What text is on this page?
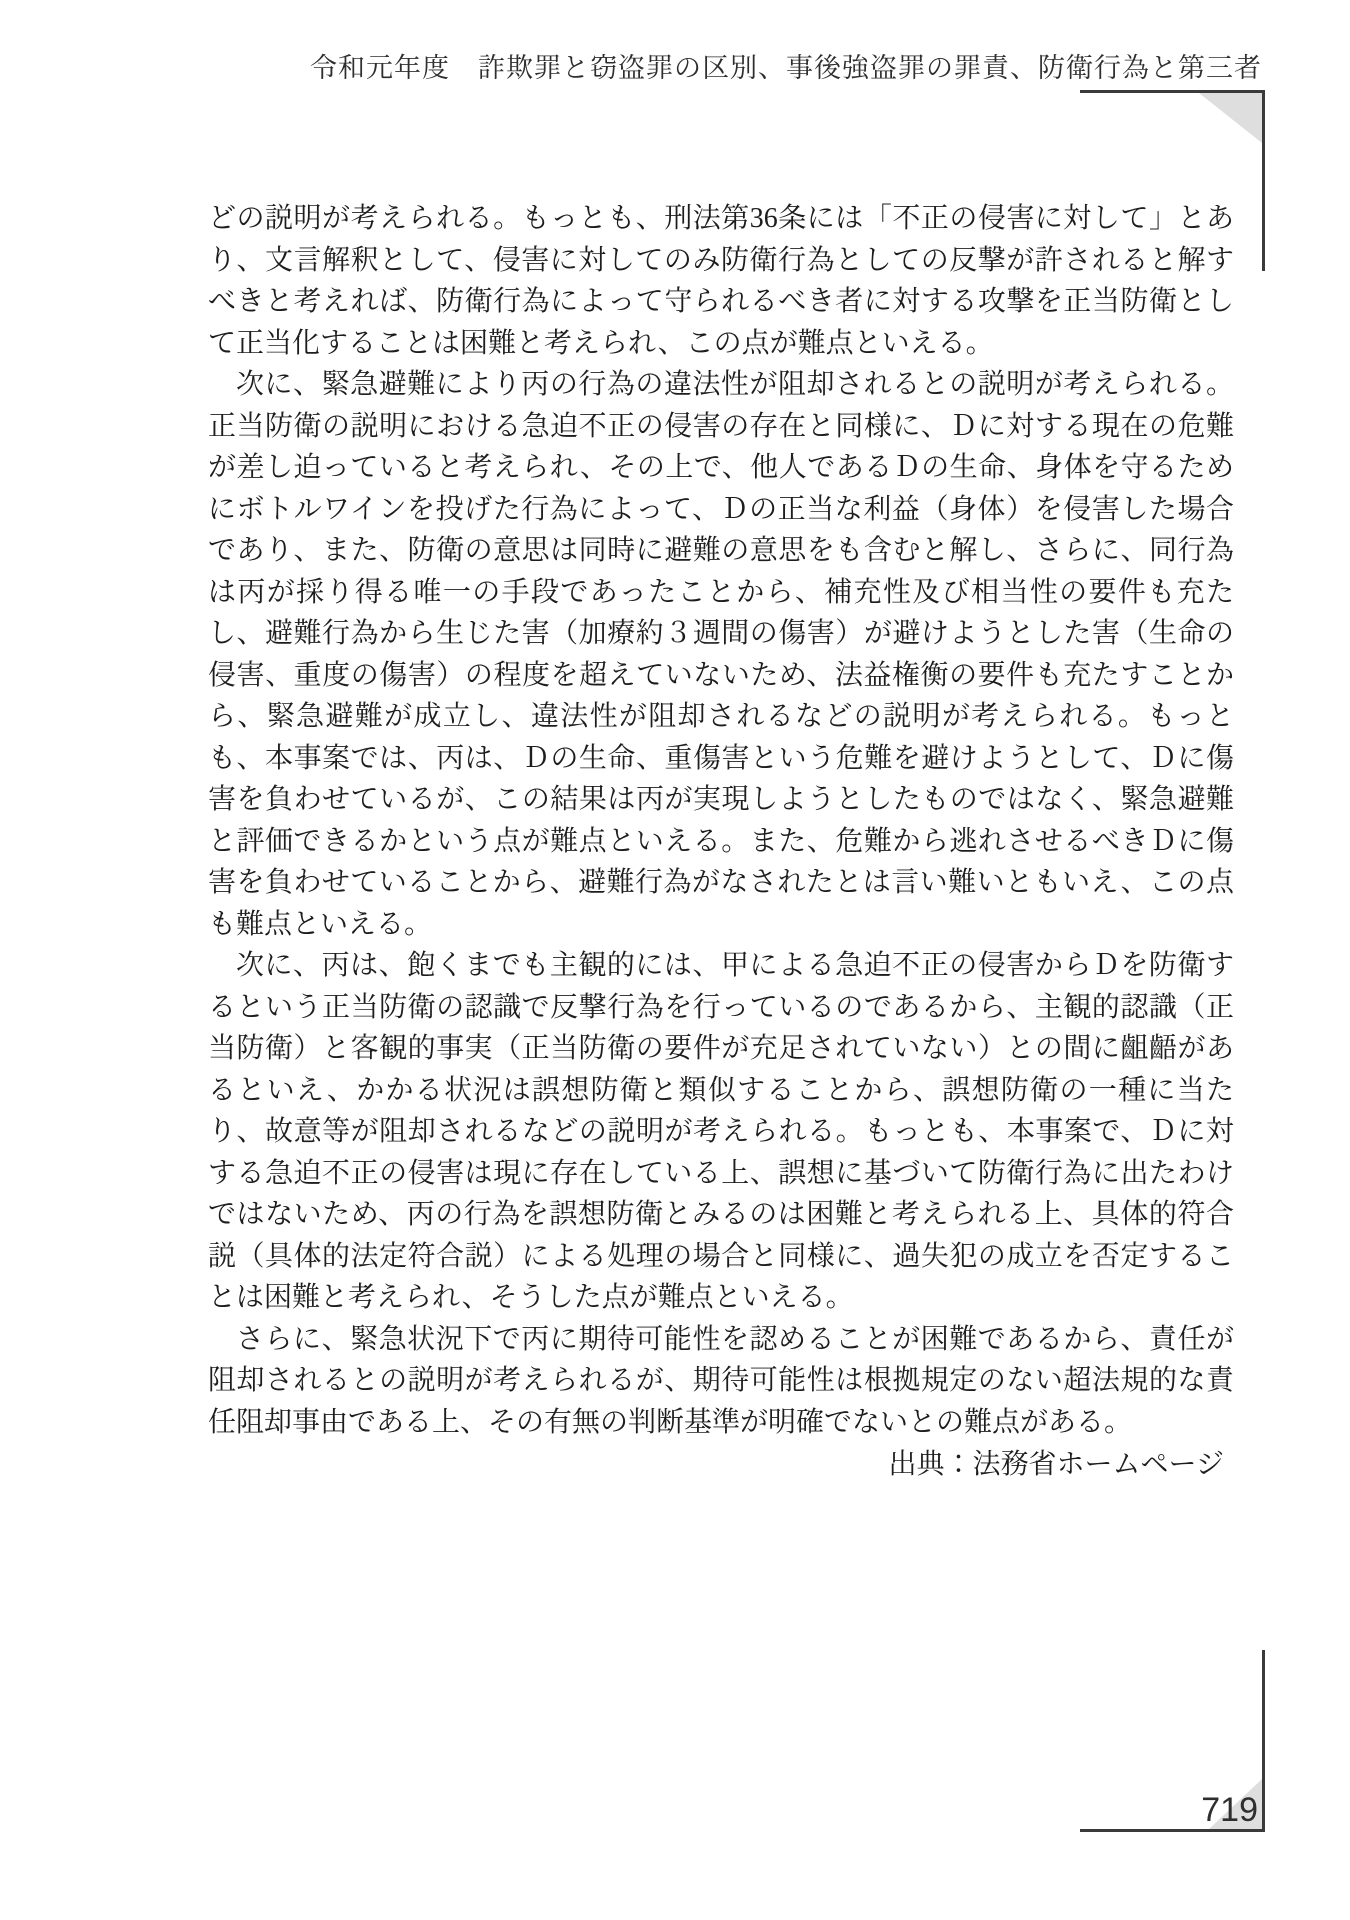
令和元年度　詐欺罪と窃盗罪の区別、事後強盗罪の罪責、防衛行為と第三者

どの説明が考えられる。もっとも、刑法第36条には「不正の侵害に対して」とあり、文言解釈として、侵害に対してのみ防衛行為としての反撃が許されると解すべきと考えれば、防衛行為によって守られるべき者に対する攻撃を正当防衛として正当化することは困難と考えられ、この点が難点といえる。

次に、緊急避難により丙の行為の違法性が阻却されるとの説明が考えられる。正当防衛の説明における急迫不正の侵害の存在と同様に、Ｄに対する現在の危難が差し迫っていると考えられ、その上で、他人であるＤの生命、身体を守るためにボトルワインを投げた行為によって、Ｄの正当な利益（身体）を侵害した場合であり、また、防衛の意思は同時に避難の意思をも含むと解し、さらに、同行為は丙が採り得る唯一の手段であったことから、補充性及び相当性の要件も充たし、避難行為から生じた害（加療約３週間の傷害）が避けようとした害（生命の侵害、重度の傷害）の程度を超えていないため、法益権衡の要件も充たすことから、緊急避難が成立し、違法性が阻却されるなどの説明が考えられる。もっとも、本事案では、丙は、Ｄの生命、重傷害という危難を避けようとして、Ｄに傷害を負わせているが、この結果は丙が実現しようとしたものではなく、緊急避難と評価できるかという点が難点といえる。また、危難から逃れさせるべきＤに傷害を負わせていることから、避難行為がなされたとは言い難いともいえ、この点も難点といえる。

次に、丙は、飽くまでも主観的には、甲による急迫不正の侵害からＤを防衛するという正当防衛の認識で反撃行為を行っているのであるから、主観的認識（正当防衛）と客観的事実（正当防衛の要件が充足されていない）との間に齟齬があるといえ、かかる状況は誤想防衛と類似することから、誤想防衛の一種に当たり、故意等が阻却されるなどの説明が考えられる。もっとも、本事案で、Ｄに対する急迫不正の侵害は現に存在している上、誤想に基づいて防衛行為に出たわけではないため、丙の行為を誤想防衛とみるのは困難と考えられる上、具体的符合説（具体的法定符合説）による処理の場合と同様に、過失犯の成立を否定することは困難と考えられ、そうした点が難点といえる。

さらに、緊急状況下で丙に期待可能性を認めることが困難であるから、責任が阻却されるとの説明が考えられるが、期待可能性は根拠規定のない超法規的な責任阻却事由である上、その有無の判断基準が明確でないとの難点がある。

出典：法務省ホームページ

719
